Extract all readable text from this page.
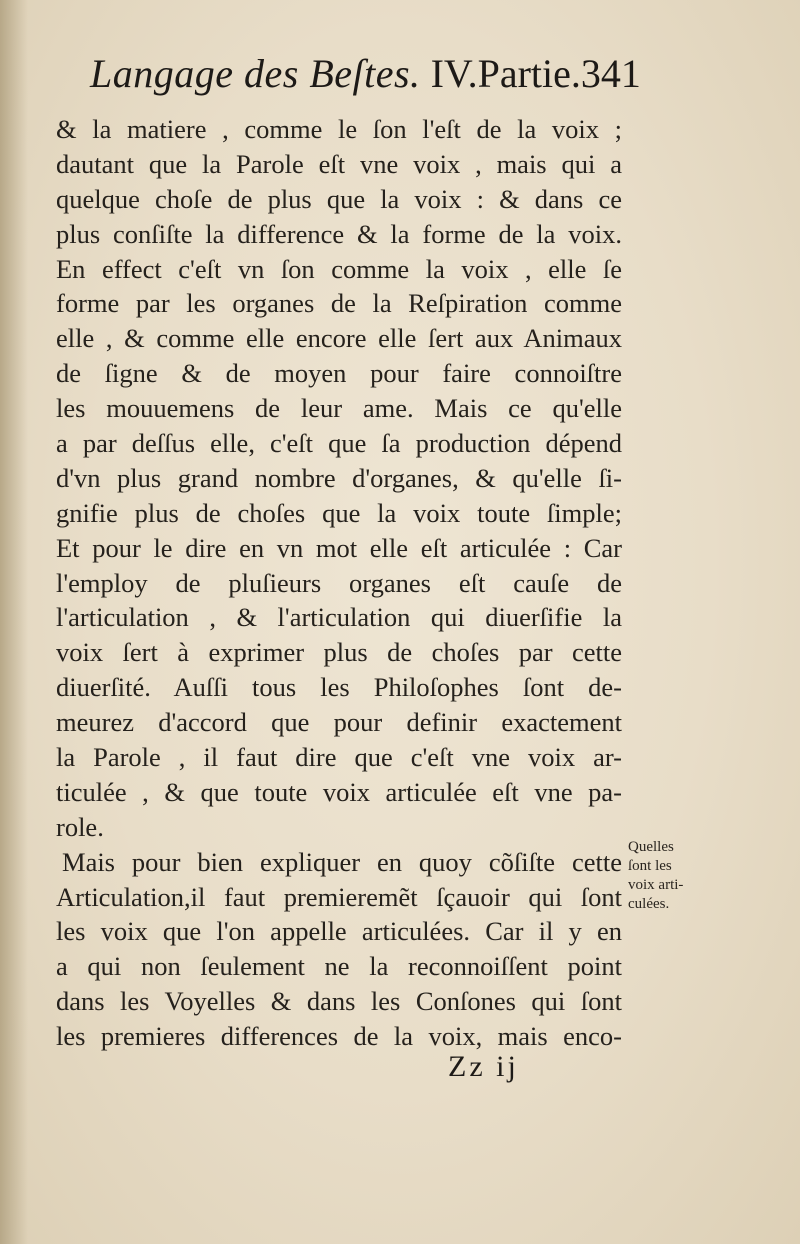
Langage des Beſtes. IV.Partie.341
& la matiere , comme le ſon l'eſt de la voix ;
dautant que la Parole eſt vne voix , mais qui a
quelque choſe de plus que la voix : & dans ce
plus conſiſte la difference & la forme de la voix.
En effect c'eſt vn ſon comme la voix , elle ſe
forme par les organes de la Reſpiration comme
elle , & comme elle encore elle ſert aux Animaux
de ſigne & de moyen pour faire connoiſtre
les mouuemens de leur ame. Mais ce qu'elle
a par deſſus elle, c'eſt que ſa production dépend
d'vn plus grand nombre d'organes, & qu'elle ſi-
gnifie plus de choſes que la voix toute ſimple;
Et pour le dire en vn mot elle eſt articulée : Car
l'employ de pluſieurs organes eſt cauſe de
l'articulation , & l'articulation qui diuerſifie la
voix ſert à exprimer plus de choſes par cette
diuerſité. Auſſi tous les Philoſophes ſont de-
meurez d'accord que pour definir exactement
la Parole , il faut dire que c'eſt vne voix ar-
ticulée , & que toute voix articulée eſt vne pa-
role.
Mais pour bien expliquer en quoy cõſiſte cette
Articulation,il faut premieremẽt ſçauoir qui ſont
les voix que l'on appelle articulées. Car il y en
a qui non ſeulement ne la reconnoiſſent point
dans les Voyelles & dans les Conſones qui ſont
les premieres differences de la voix, mais enco-
Quelles
ſont les
voix arti-
culées.
Zz ij
